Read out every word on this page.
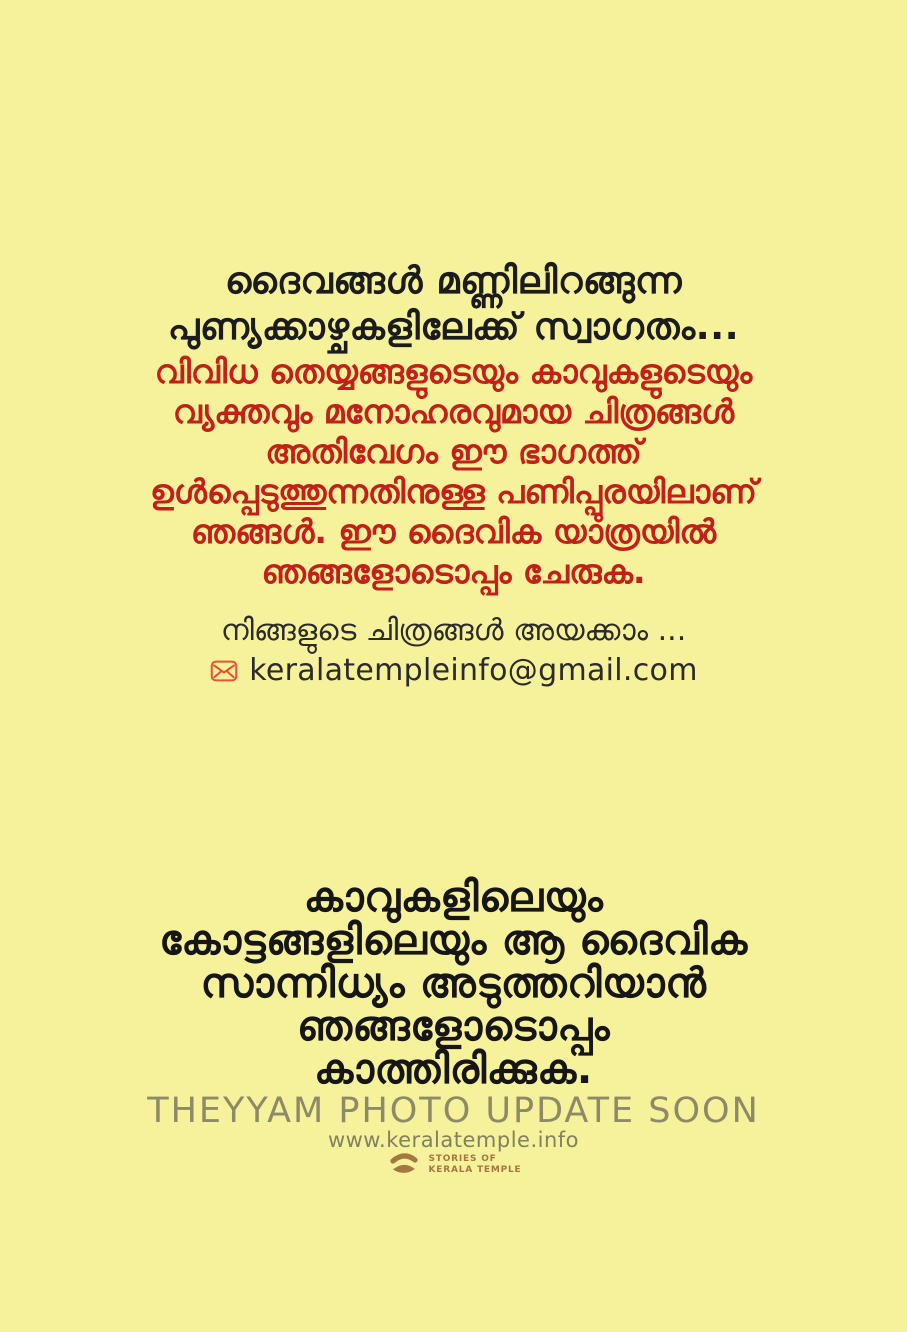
ദൈവങ്ങൾ മണ്ണിലിറങ്ങുന്ന
പുണ്യക്കാഴ്ചകളിലേക്ക് സ്വാഗതം...
വിവിധ തെയ്യങ്ങളുടെയും കാവുകളുടെയും
വ്യക്തവും മനോഹരവുമായ ചിത്രങ്ങൾ
അതിവേഗം ഈ ഭാഗത്ത്
ഉൾപ്പെടുത്തുന്നതിനുള്ള പണിപ്പുരയിലാണ്
ഞങ്ങൾ. ഈ ദൈവിക യാത്രയിൽ
ഞങ്ങളോടൊപ്പം ചേരുക.
നിങ്ങളുടെ ചിത്രങ്ങൾ അയക്കാം ...
keralatempleinfo@gmail.com
കാവുകളിലെയും
കോട്ടങ്ങളിലെയും ആ ദൈവിക
സാന്നിധ്യം അടുത്തറിയാൻ
ഞങ്ങളോടൊപ്പം
കാത്തിരിക്കുക.
THEYYAM PHOTO UPDATE SOON
www.keralatemple.info
STORIES OF
KERALA TEMPLE
